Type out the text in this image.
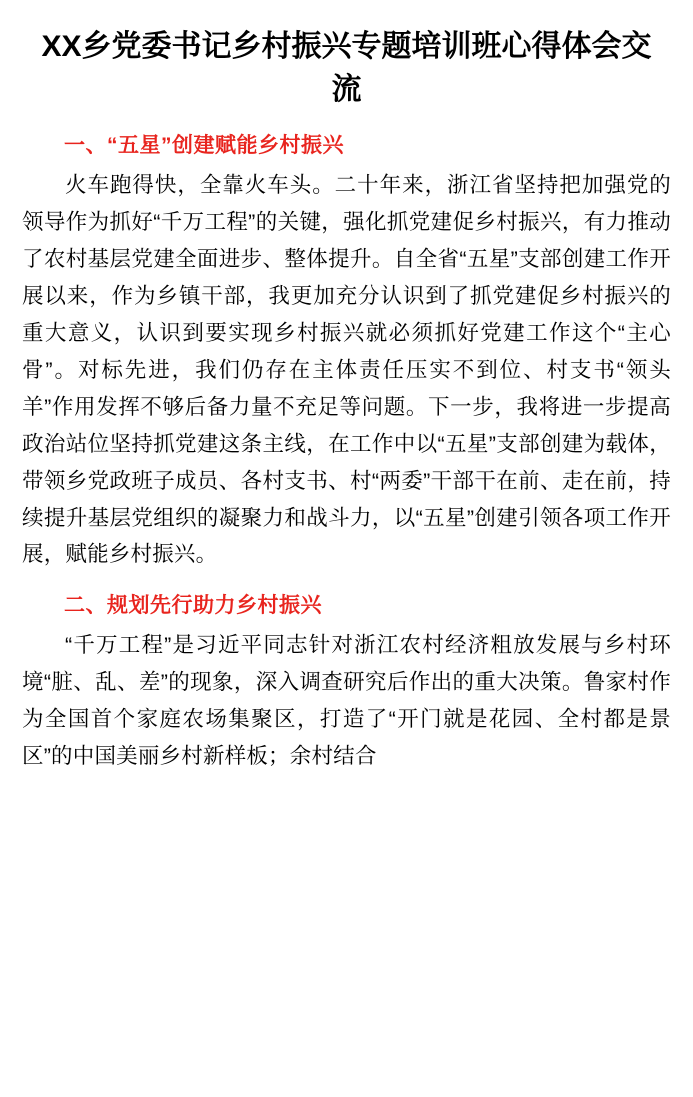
XX乡党委书记乡村振兴专题培训班心得体会交流
一、“五星”创建赋能乡村振兴

火车跑得快，全靠火车头。二十年来，浙江省坚持把加强党的领导作为抓好“千万工程”的关键，强化抓党建促乡村振兴，有力推动了农村基层党建全面进步、整体提升。自全省“五星”支部创建工作开展以来，作为乡镇干部，我更加充分认识到了抓党建促乡村振兴的重大意义，认识到要实现乡村振兴就必须抓好党建工作这个“主心骨”。对标先进，我们仍存在主体责任压实不到位、村支书“领头羊”作用发挥不够后备力量不充足等问题。下一步，我将进一步提高政治站位坚持抓党建这条主线，在工作中以“五星”支部创建为载体，带领乡党政班子成员、各村支书、村“两委”干部干在前、走在前，持续提升基层党组织的凝聚力和战斗力，以“五星”创建引领各项工作开展，赋能乡村振兴。

二、规划先行助力乡村振兴

“千万工程”是习近平同志针对浙江农村经济粗放发展与乡村环境“脏、乱、差”的现象，深入调查研究后作出的重大决策。鲁家村作为全国首个家庭农场集聚区，打造了“开门就是花园、全村都是景区”的中国美丽乡村新样板；余村结合
